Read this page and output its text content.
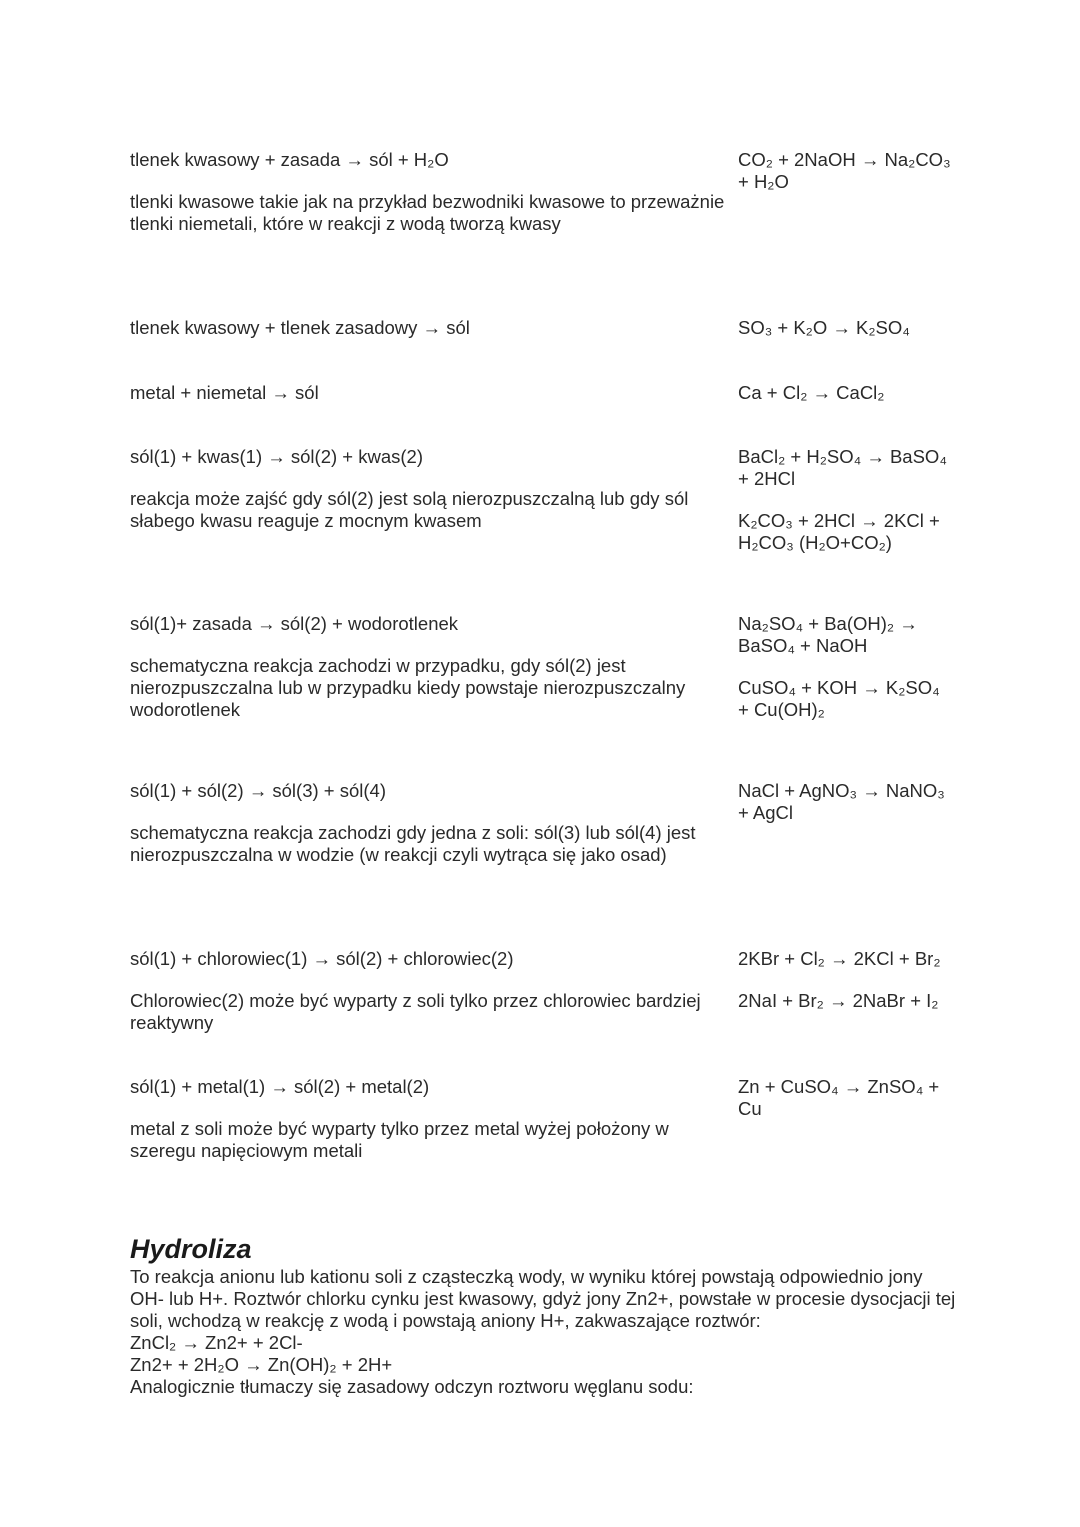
tlenek kwasowy + zasada → sól + H₂O

tlenki kwasowe takie jak na przykład bezwodniki kwasowe to przeważnie tlenki niemetali, które w reakcji z wodą tworzą kwasy

CO₂ + 2NaOH → Na₂CO₃ + H₂O

tlenek kwasowy + tlenek zasadowy → sól	SO₃ + K₂O → K₂SO₄

metal + niemetal → sól	Ca + Cl₂ → CaCl₂

sól(1) + kwas(1) → sól(2) + kwas(2)

reakcja może zajść gdy sól(2) jest solą nierozpuszczalną lub gdy sól słabego kwasu reaguje z mocnym kwasem

BaCl₂ + H₂SO₄ → BaSO₄ + 2HCl

K₂CO₃ + 2HCl → 2KCl + H₂CO₃ (H₂O+CO₂)

sól(1)+ zasada → sól(2) + wodorotlenek

schematyczna reakcja zachodzi w przypadku, gdy sól(2) jest nierozpuszczalna lub w przypadku kiedy powstaje nierozpuszczalny wodorotlenek

Na₂SO₄ + Ba(OH)₂ → BaSO₄ + NaOH

CuSO₄ + KOH → K₂SO₄ + Cu(OH)₂

sól(1) + sól(2) → sól(3) + sól(4)

schematyczna reakcja zachodzi gdy jedna z soli: sól(3) lub sól(4) jest nierozpuszczalna w wodzie (w reakcji czyli wytrąca się jako osad)

NaCl + AgNO₃ → NaNO₃ + AgCl

sól(1) + chlorowiec(1) → sól(2) + chlorowiec(2)

Chlorowiec(2) może być wyparty z soli tylko przez chlorowiec bardziej reaktywny

2KBr + Cl₂ → 2KCl + Br₂

2NaI + Br₂ → 2NaBr + I₂

sól(1) + metal(1) → sól(2) + metal(2)

metal z soli może być wyparty tylko przez metal wyżej położony w szeregu napięciowym metali

Zn + CuSO₄ → ZnSO₄ + Cu

Hydroliza

To reakcja anionu lub kationu soli z cząsteczką wody, w wyniku której powstają odpowiednio jony OH- lub H+. Roztwór chlorku cynku jest kwasowy, gdyż jony Zn2+, powstałe w procesie dysocjacji tej soli, wchodzą w reakcję z wodą i powstają aniony H+, zakwaszające roztwór:

ZnCl₂ → Zn2+ + 2Cl-

Zn2+ + 2H₂O → Zn(OH)₂ + 2H+

Analogicznie tłumaczy się zasadowy odczyn roztworu węglanu sodu:
